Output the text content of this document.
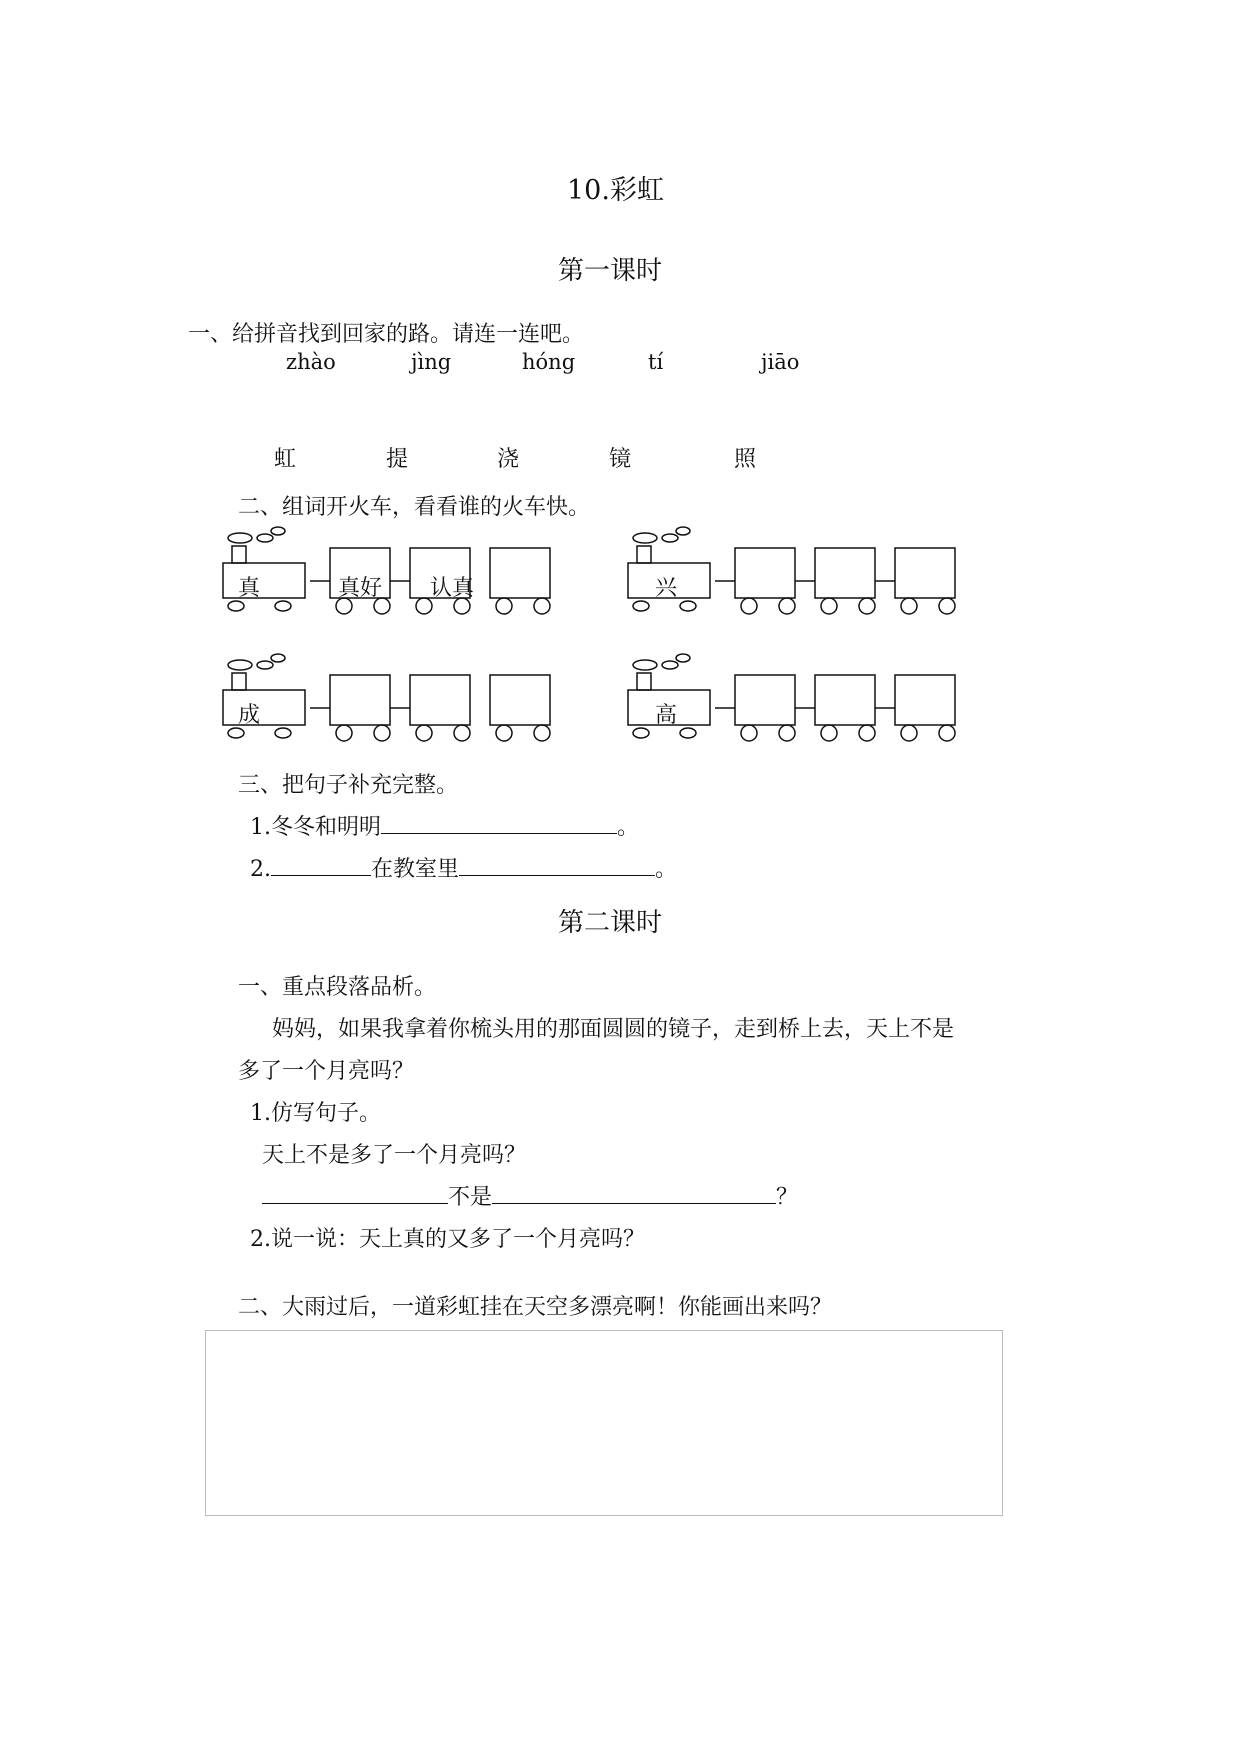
10.彩虹
第一课时
一、给拼音找到回家的路。请连一连吧。
zhào	jìng	hóng	tí	jiāo
虹	提	浇	镜	照
二、组词开火车，看看谁的火车快。
真	真好 认真	兴
成	高
三、把句子补充完整。
1.冬冬和明明	。
2.	在教室里	。
第二课时
一、重点段落品析。
妈妈，如果我拿着你梳头用的那面圆圆的镜子，走到桥上去，天上不是
多了一个月亮吗？
1.仿写句子。
天上不是多了一个月亮吗？
不是	？
2.说一说：天上真的又多了一个月亮吗？
二、大雨过后，一道彩虹挂在天空多漂亮啊！你能画出来吗？
